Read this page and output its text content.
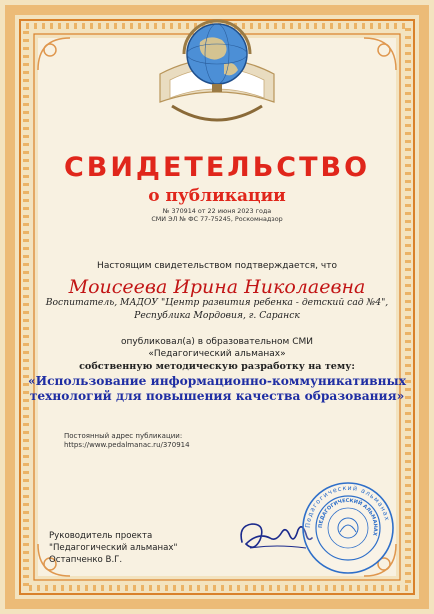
СВИДЕТЕЛЬСТВО

о публикации

№ 370914 от 22 июня 2023 года

СМИ ЭЛ № ФС 77-75245, Роскомнадзор

Настоящим свидетельством подтверждается, что

Моисеева Ирина Николаевна

Воспитатель, МАДОУ "Центр развития ребенка - детский сад №4",

Республика Мордовия, г. Саранск

опубликовал(а) в образовательном СМИ

«Педагогический альманах»

собственную методическую разработку на тему:

«Использование информационно-коммуникативных

технологий для повышения качества образования»

Постоянный адрес публикации:

https://www.pedalmanac.ru/370914

Руководитель проекта

"Педагогический альманах"

Остапченко В.Г.

Педагогический альманах
ПЕДАГОГИЧЕСКИЙ АЛЬМАНАХ
